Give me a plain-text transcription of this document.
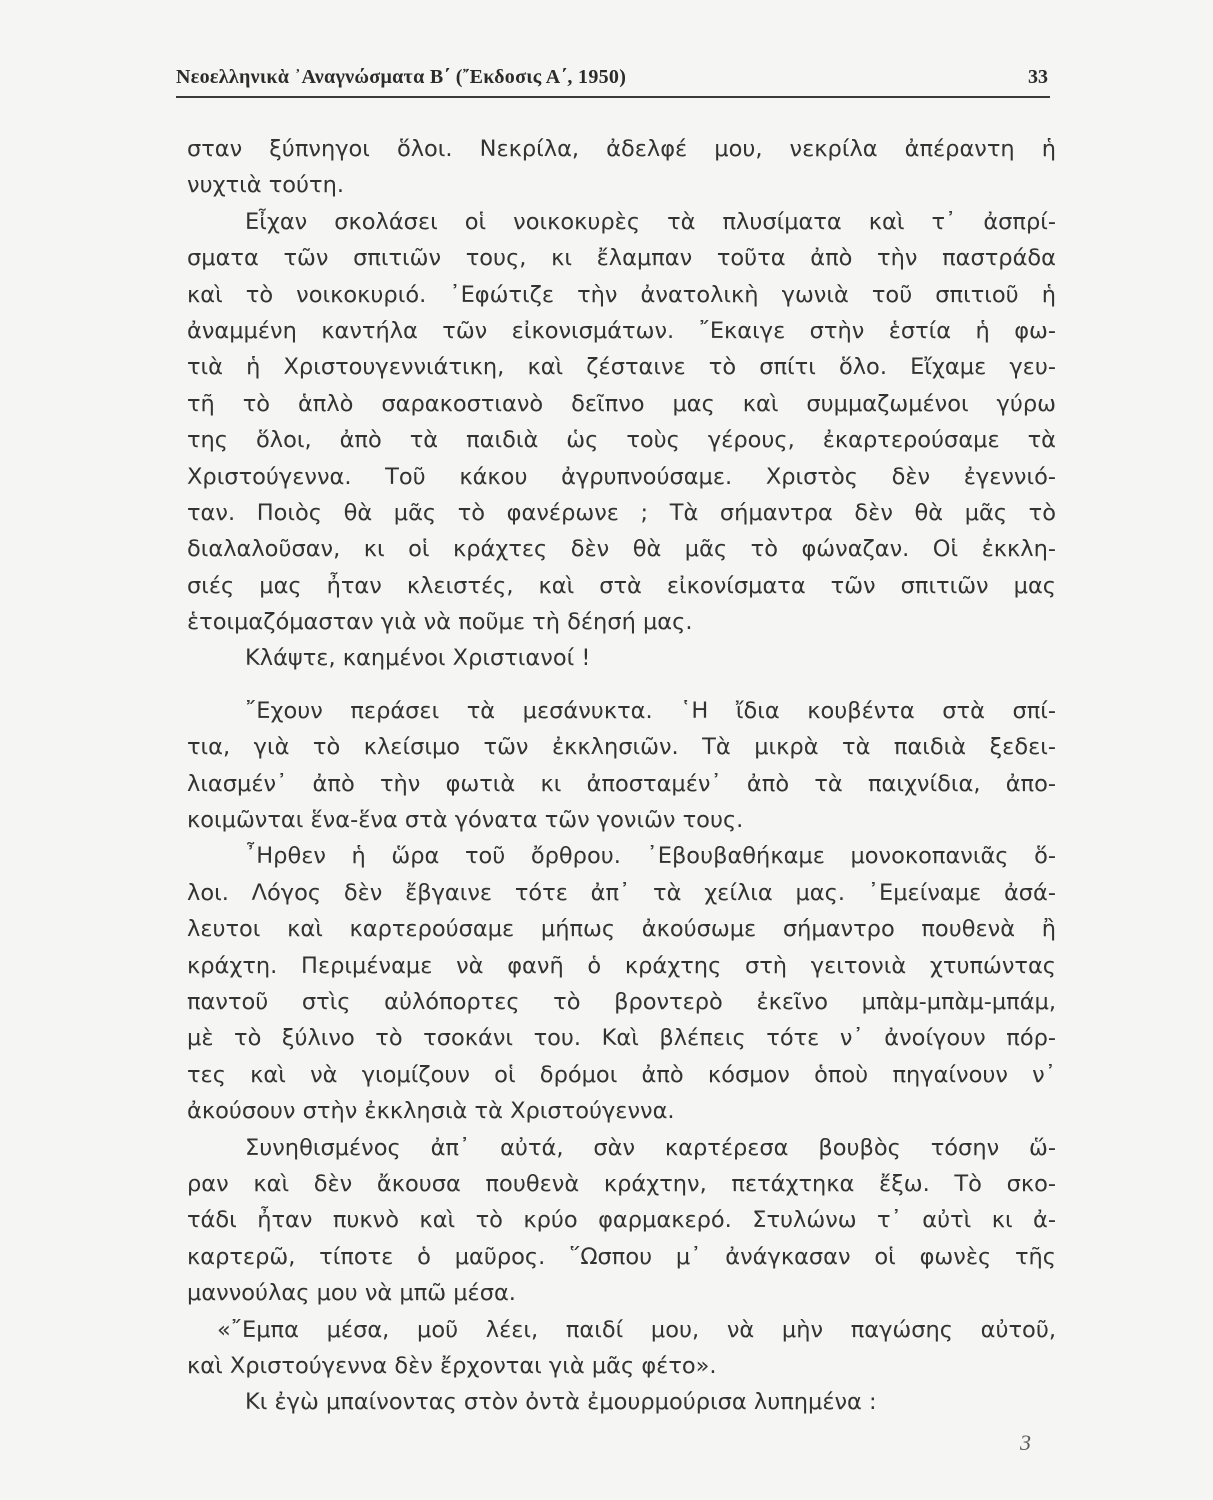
Νεοελληνικὰ ᾿Αναγνώσματα Β΄ (῎Εκδοσις Α΄, 1950)	33
σταν ξύπνηγοι ὅλοι. Νεκρίλα, ἀδελφέ μου, νεκρίλα ἀπέραντη ἡ
νυχτιὰ τούτη.
Εἶχαν σκολάσει οἱ νοικοκυρὲς τὰ πλυσίματα καὶ τ᾿ ἀσπρί-
σματα τῶν σπιτιῶν τους, κι ἔλαμπαν τοῦτα ἀπὸ τὴν παστράδα
καὶ τὸ νοικοκυριό. ᾿Εφώτιζε τὴν ἀνατολικὴ γωνιὰ τοῦ σπιτιοῦ ἡ
ἀναμμένη καντήλα τῶν εἰκονισμάτων. ῎Εκαιγε στὴν ἑστία ἡ φω-
τιὰ ἡ Χριστουγεννιάτικη, καὶ ζέσταινε τὸ σπίτι ὅλο. Εἴχαμε γευ-
τῆ τὸ ἁπλὸ σαρακοστιανὸ δεῖπνο μας καὶ συμμαζωμένοι γύρω
της ὅλοι, ἀπὸ τὰ παιδιὰ ὡς τοὺς γέρους, ἐκαρτερούσαμε τὰ
Χριστούγεννα. Τοῦ κάκου ἀγρυπνούσαμε. Χριστὸς δὲν ἐγεννιό-
ταν. Ποιὸς θὰ μᾶς τὸ φανέρωνε ; Τὰ σήμαντρα δὲν θὰ μᾶς τὸ
διαλαλοῦσαν, κι οἱ κράχτες δὲν θὰ μᾶς τὸ φώναζαν. Οἱ ἐκκλη-
σιές μας ἦταν κλειστές, καὶ στὰ εἰκονίσματα τῶν σπιτιῶν μας
ἑτοιμαζόμασταν γιὰ νὰ ποῦμε τὴ δέησή μας.
Κλάψτε, καημένοι Χριστιανοί !
῎Εχουν περάσει τὰ μεσάνυκτα. ῾Η ἴδια κουβέντα στὰ σπί-
τια, γιὰ τὸ κλείσιμο τῶν ἐκκλησιῶν. Τὰ μικρὰ τὰ παιδιὰ ξεδει-
λιασμέν᾿ ἀπὸ τὴν φωτιὰ κι ἀποσταμέν᾿ ἀπὸ τὰ παιχνίδια, ἀπο-
κοιμῶνται ἕνα-ἕνα στὰ γόνατα τῶν γονιῶν τους.
῏Ηρθεν ἡ ὥρα τοῦ ὄρθρου. ᾿Εβουβαθήκαμε μονοκοπανιᾶς ὅ-
λοι. Λόγος δὲν ἔβγαινε τότε ἀπ᾿ τὰ χείλια μας. ᾿Εμείναμε ἀσά-
λευτοι καὶ καρτερούσαμε μήπως ἀκούσωμε σήμαντρο πουθενὰ ἢ
κράχτη. Περιμέναμε νὰ φανῆ ὁ κράχτης στὴ γειτονιὰ χτυπώντας
παντοῦ στὶς αὐλόπορτες τὸ βροντερὸ ἐκεῖνο μπὰμ-μπὰμ-μπάμ,
μὲ τὸ ξύλινο τὸ τσοκάνι του. Καὶ βλέπεις τότε ν᾿ ἀνοίγουν πόρ-
τες καὶ νὰ γιομίζουν οἱ δρόμοι ἀπὸ κόσμον ὁποὺ πηγαίνουν ν᾿
ἀκούσουν στὴν ἐκκλησιὰ τὰ Χριστούγεννα.
Συνηθισμένος ἀπ᾿ αὐτά, σὰν καρτέρεσα βουβὸς τόσην ὥ-
ραν καὶ δὲν ἄκουσα πουθενὰ κράχτην, πετάχτηκα ἔξω. Τὸ σκο-
τάδι ἦταν πυκνὸ καὶ τὸ κρύο φαρμακερό. Στυλώνω τ᾿ αὐτὶ κι ἀ-
καρτερῶ, τίποτε ὁ μαῦρος. ῞Ωσπου μ᾿ ἀνάγκασαν οἱ φωνὲς τῆς
μαννούλας μου νὰ μπῶ μέσα.
«῎Εμπα μέσα, μοῦ λέει, παιδί μου, νὰ μὴν παγώσης αὐτοῦ,
καὶ Χριστούγεννα δὲν ἔρχονται γιὰ μᾶς φέτο».
Κι ἐγὼ μπαίνοντας στὸν ὀντὰ ἐμουρμούρισα λυπημένα :
3
